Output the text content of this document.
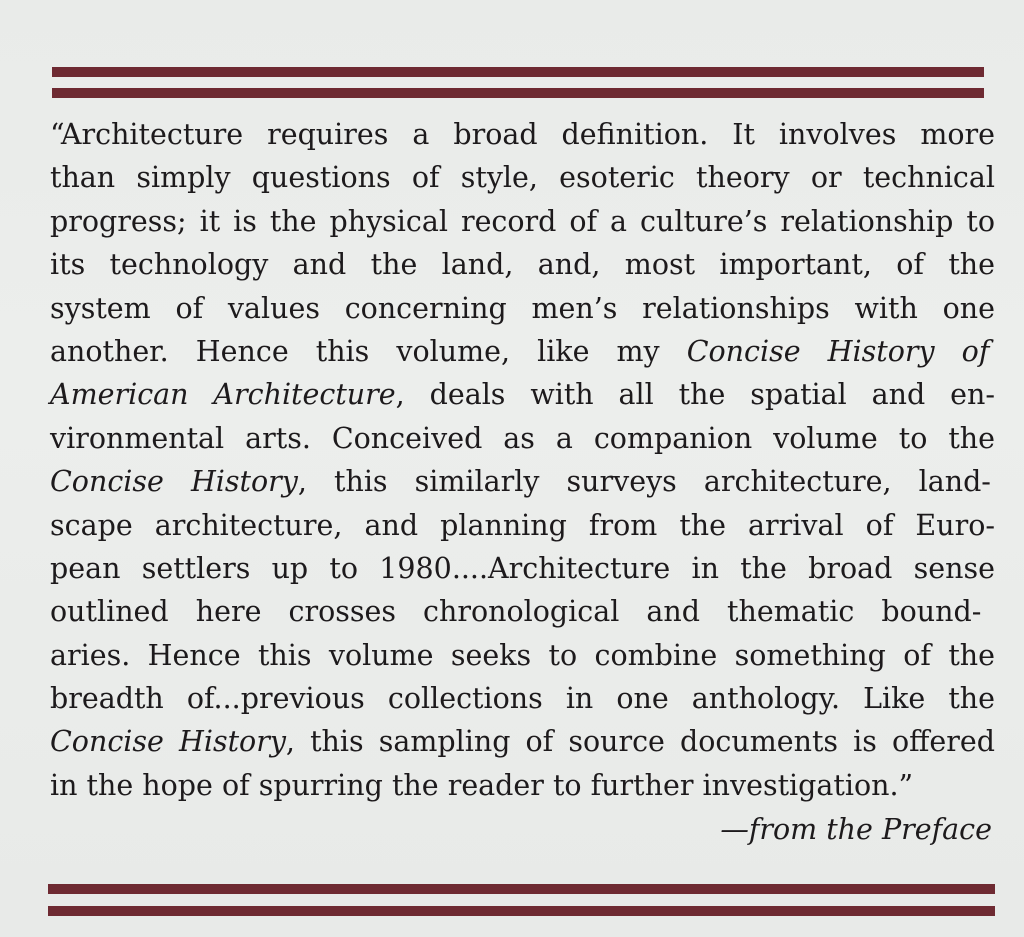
“Architecture requires a broad definition. It involves more
than simply questions of style, esoteric theory or technical
progress; it is the physical record of a culture’s relationship to
its technology and the land, and, most important, of the
system of values concerning men’s relationships with one
another. Hence this volume, like my Concise History of
American Architecture, deals with all the spatial and en-
vironmental arts. Conceived as a companion volume to the
Concise History, this similarly surveys architecture, land-
scape architecture, and planning from the arrival of Euro-
pean settlers up to 1980....Architecture in the broad sense
outlined here crosses chronological and thematic bound-
aries. Hence this volume seeks to combine something of the
breadth of...previous collections in one anthology. Like the
Concise History, this sampling of source documents is offered
in the hope of spurring the reader to further investigation.”
—from the Preface
